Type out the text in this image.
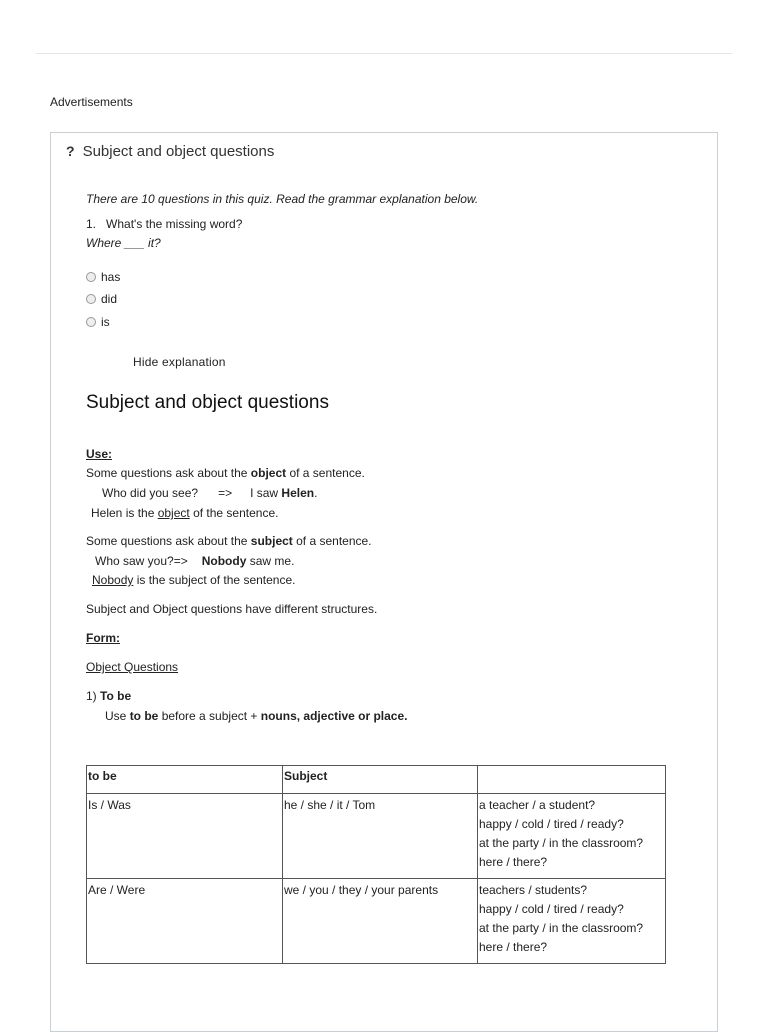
Advertisements
? Subject and object questions
There are 10 questions in this quiz. Read the grammar explanation below.
1. What's the missing word?
Where ___ it?
has
did
is
Hide explanation
Subject and object questions
Use:
Some questions ask about the object of a sentence.
Who did you see? => I saw Helen.
Helen is the object of the sentence.
Some questions ask about the subject of a sentence.
Who saw you?=> Nobody saw me.
Nobody is the subject of the sentence.
Subject and Object questions have different structures.
Form:
Object Questions
1) To be
Use to be before a subject + nouns, adjective or place.
to be	Subject	
Is / Was	he / she / it / Tom	a teacher / a student?
happy / cold / tired / ready?
at the party / in the classroom?
here / there?

Are / Were	we / you / they / your parents	teachers / students?
happy / cold / tired / ready?
at the party / in the classroom?
here / there?
